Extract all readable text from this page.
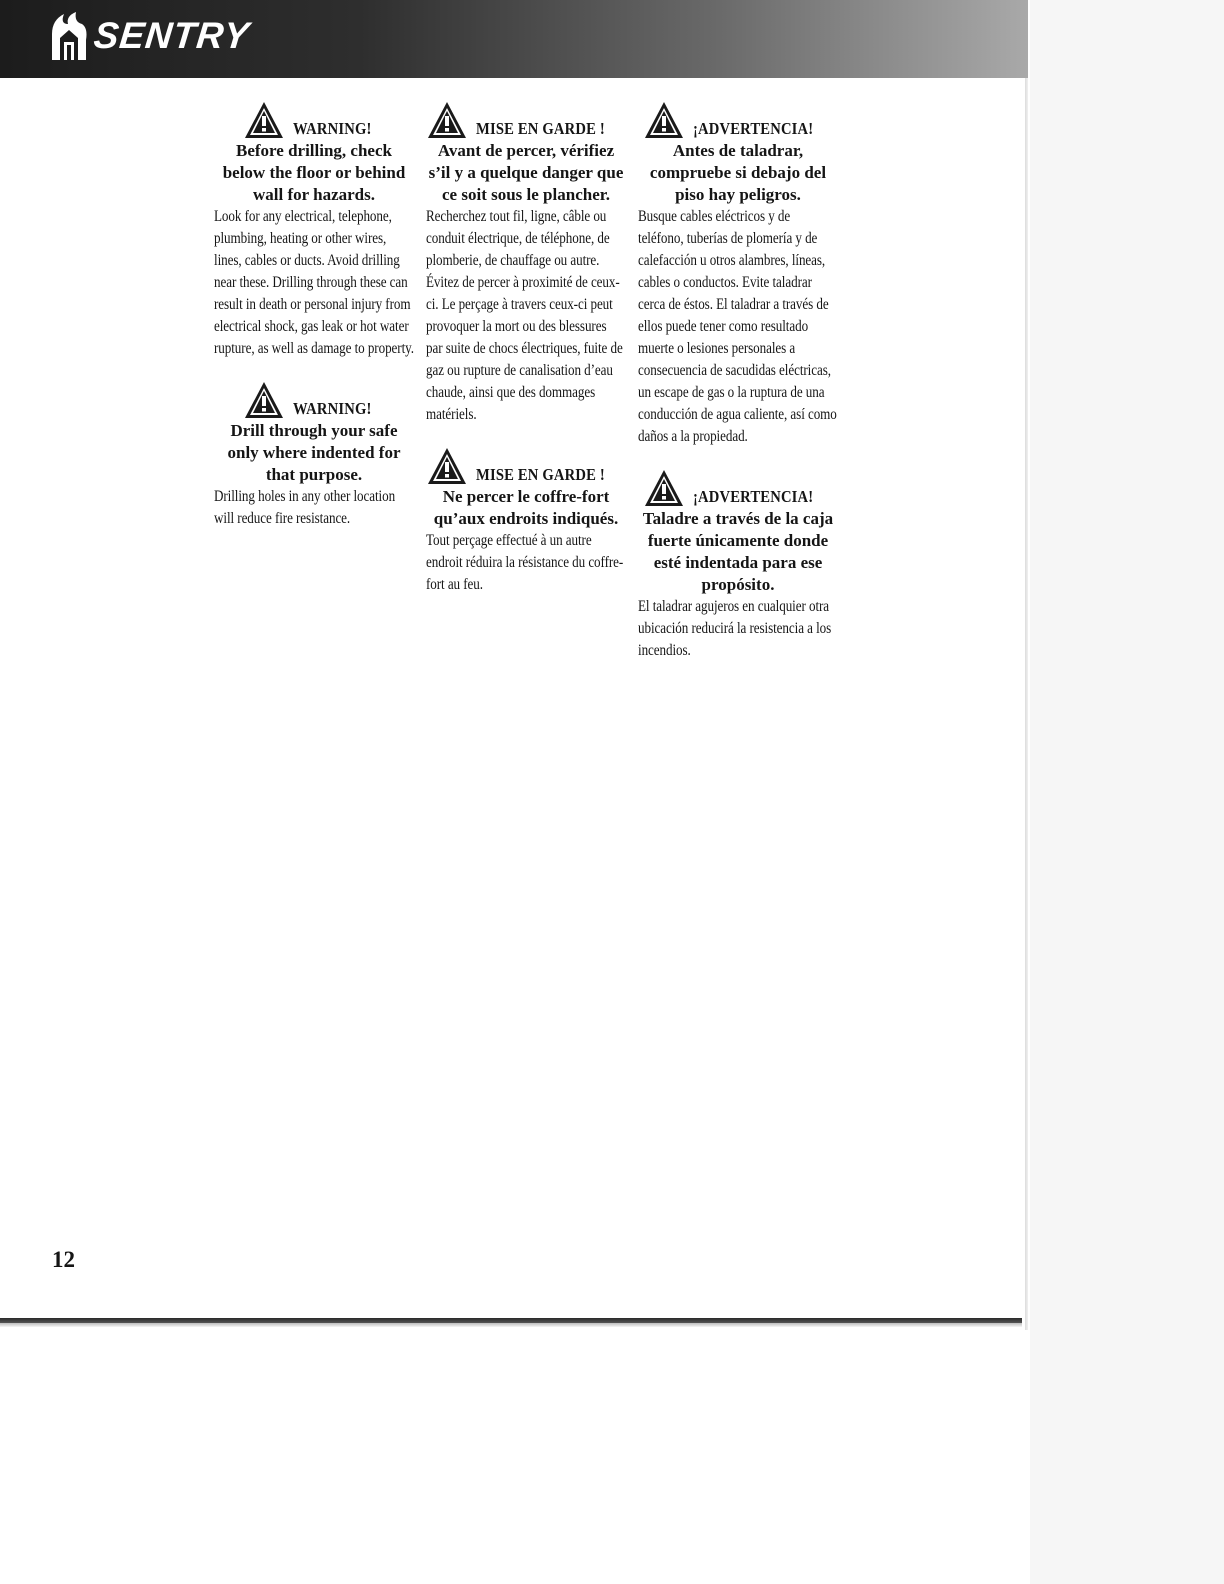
SENTRY
WARNING!
Before drilling, check below the floor or behind wall for hazards.
Look for any electrical, telephone, plumbing, heating or other wires, lines, cables or ducts. Avoid drilling near these. Drilling through these can result in death or personal injury from electrical shock, gas leak or hot water rupture, as well as damage to property.
WARNING!
Drill through your safe only where indented for that purpose.
Drilling holes in any other location will reduce fire resistance.
MISE EN GARDE !
Avant de percer, vérifiez s’il y a quelque danger que ce soit sous le plancher.
Recherchez tout fil, ligne, câble ou conduit électrique, de téléphone, de plomberie, de chauffage ou autre. Évitez de percer à proximité de ceux-ci. Le perçage à travers ceux-ci peut provoquer la mort ou des blessures par suite de chocs électriques, fuite de gaz ou rupture de canalisation d’eau chaude, ainsi que des dommages matériels.
MISE EN GARDE !
Ne percer le coffre-fort qu’aux endroits indiqués.
Tout perçage effectué à un autre endroit réduira la résistance du coffre-fort au feu.
¡ADVERTENCIA!
Antes de taladrar, compruebe si debajo del piso hay peligros.
Busque cables eléctricos y de teléfono, tuberías de plomería y de calefacción u otros alambres, líneas, cables o conductos. Evite taladrar cerca de éstos. El taladrar a través de ellos puede tener como resultado muerte o lesiones personales a consecuencia de sacudidas eléctricas, un escape de gas o la ruptura de una conducción de agua caliente, así como daños a la propiedad.
¡ADVERTENCIA!
Taladre a través de la caja fuerte únicamente donde esté indentada para ese propósito.
El taladrar agujeros en cualquier otra ubicación reducirá la resistencia a los incendios.
12
